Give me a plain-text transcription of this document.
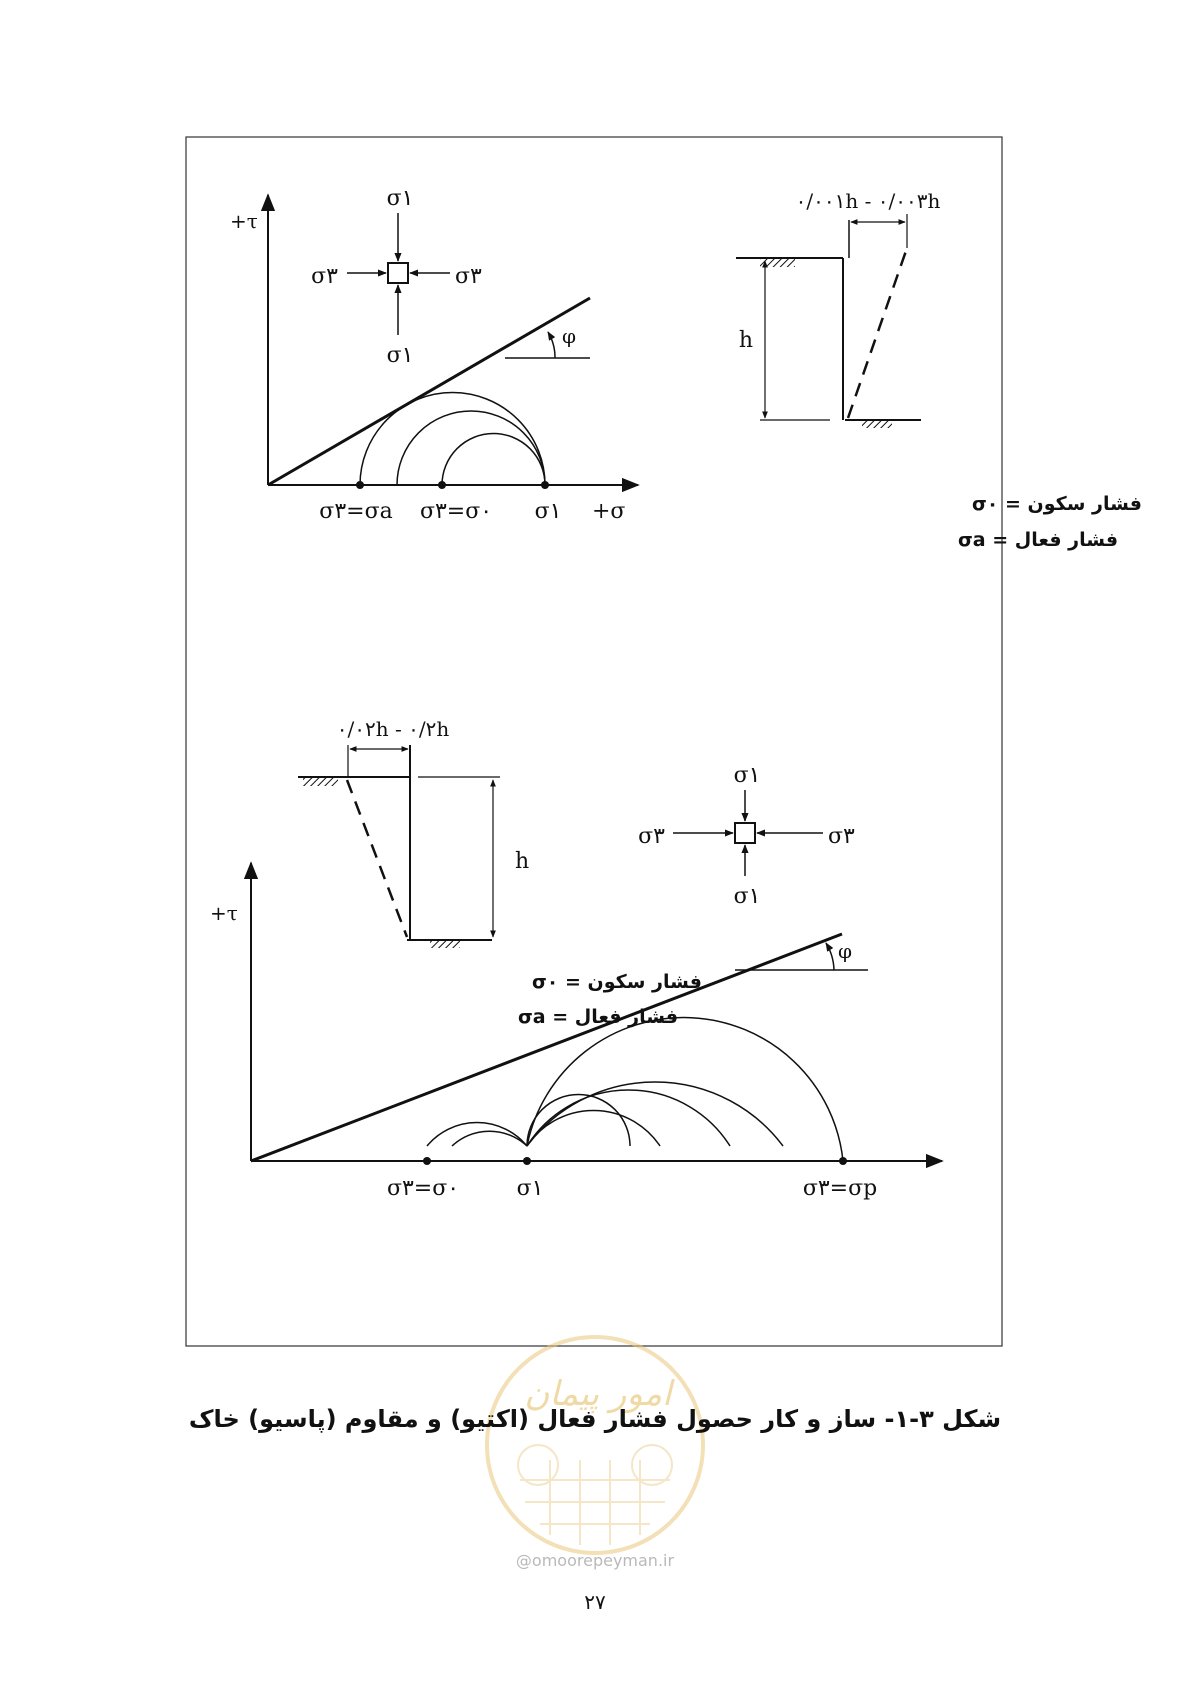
+τ
+σ
φ
σ۳=σa σ۳=σ۰ σ۱
σ۱
σ۱
σ۳	σ۳
۰/۰۰۱h - ۰/۰۰۳h
h
فشار سکون = σ۰
فشار فعال = σa
+τ
φ
σ۳=σ۰	σ۱	σ۳=σp
σ۱
σ۱
σ۳	σ۳
۰/۰۲h - ۰/۲h
h
فشار سکون = σ۰
فشار فعال = σa
امور پیمان
شکل ۳-۱- ساز و کار حصول فشار فعال (اکتیو) و مقاوم (پاسیو) خاک
@omoorepeyman.ir
۲۷
